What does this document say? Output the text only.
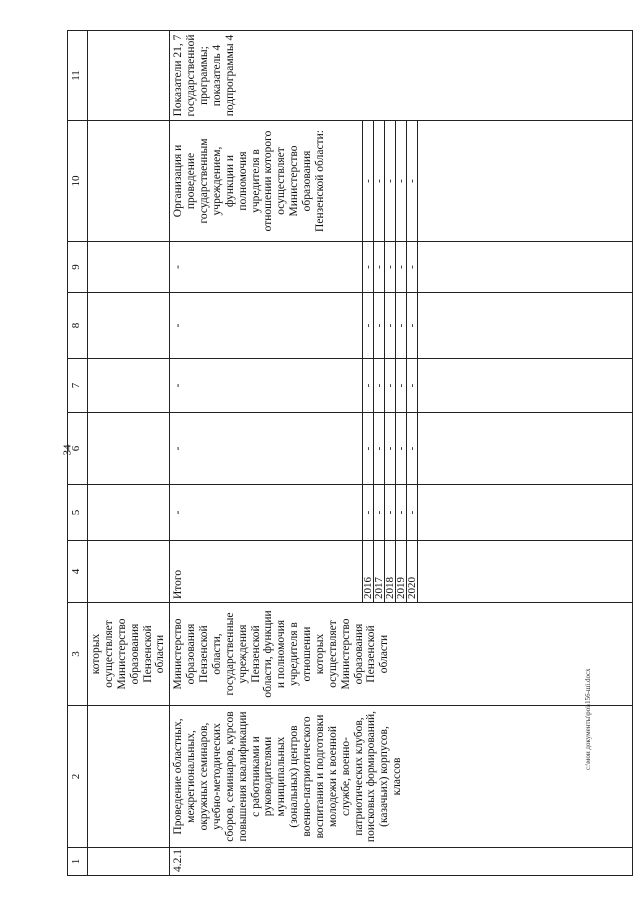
34
1	2	3	4	5	6	7	8	9	10	11
		которых осуществляет Министерство образования Пензенской области								
4.2.1	Проведение областных, межрегиональных, окружных семинаров, учебно-методических сборов, семинаров, курсов повышения квалификации с работниками и руководителями муниципальных (зональных) центров военно-патриотического воспитания и подготовки молодежи к военной службе, военно-патриотических клубов, поисковых формирований, (казачьих) корпусов, классов	Министерство образования Пензенской области, государственные учреждения Пензенской области, функции и полномочия учредителя в отношении которых осуществляет Министерство образования Пензенской области	Итого	-	-	-	-	-	Организация и проведение государственным учреждением, функции и полномочия учредителя в отношении которого осуществляет Министерство образования Пензенской области:	Показатели 21, 7 государственной программы; показатель 4 подпрограммы 4
			2016	-	-	-	-	-	-	
			2017	-	-	-	-	-	-	
			2018	-	-	-	-	-	-	
			2019	-	-	-	-	-	-	
			2020	-	-	-	-	-	-	

c:\мои документы\роі\156-ші.docx
